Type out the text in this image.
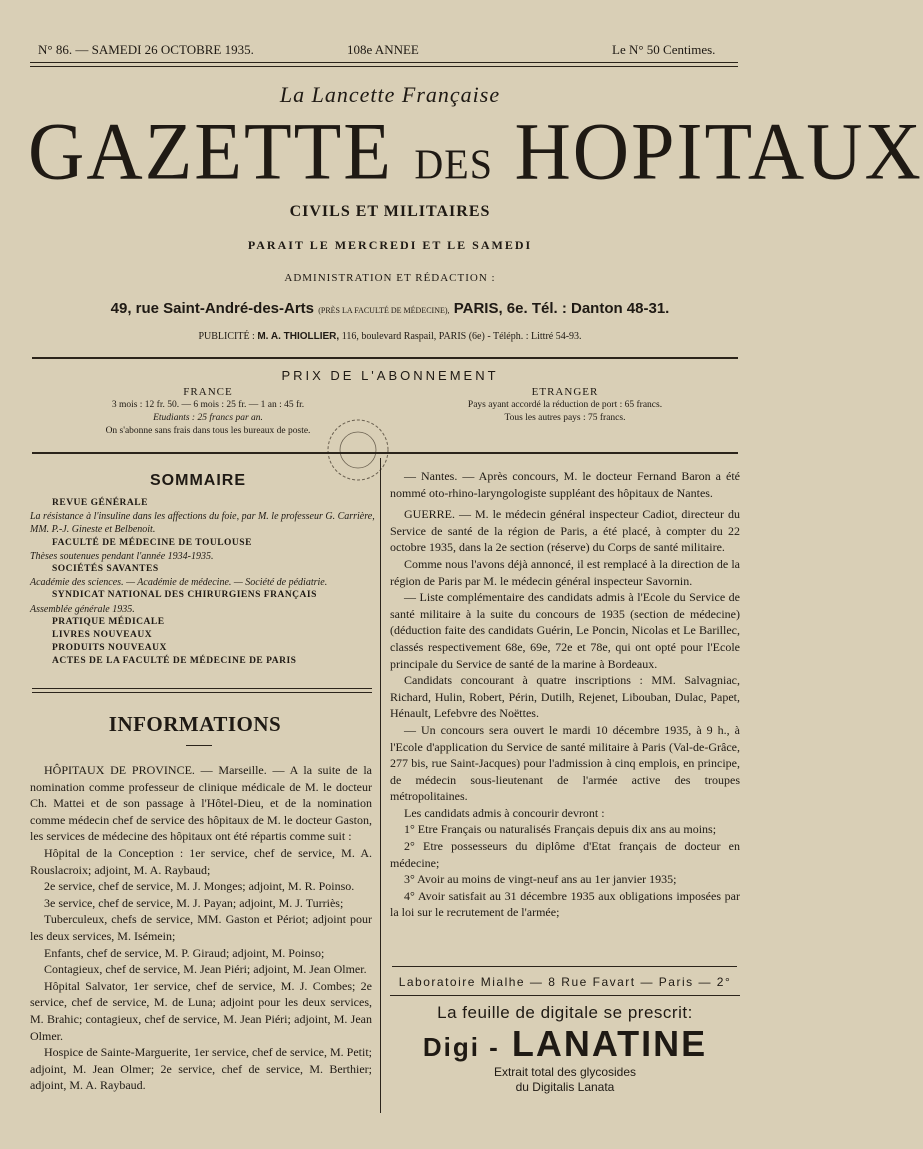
N° 86. — SAMEDI 26 OCTOBRE 1935.	108e ANNEE	Le N° 50 Centimes.
La Lancette Française
GAZETTE DES HOPITAUX
CIVILS ET MILITAIRES
PARAIT LE MERCREDI ET LE SAMEDI
ADMINISTRATION ET RÉDACTION :
49, rue Saint-André-des-Arts (PRÈS LA FACULTÉ DE MÉDECINE), PARIS, 6e. Tél. : Danton 48-31.
PUBLICITÉ : M. A. THIOLLIER, 116, boulevard Raspail, PARIS (6e) - Téléph. : Littré 54-93.
PRIX DE L'ABONNEMENT
FRANCE
3 mois : 12 fr. 50. — 6 mois : 25 fr. — 1 an : 45 fr.
Etudiants : 25 francs par an.
On s'abonne sans frais dans tous les bureaux de poste.
ETRANGER
Pays ayant accordé la réduction de port : 65 francs.
Tous les autres pays : 75 francs.
SOMMAIRE
REVUE GÉNÉRALE
La résistance à l'insuline dans les affections du foie, par M. le professeur G. Carrière, MM. P.-J. Gineste et Belbenoit.
FACULTÉ DE MÉDECINE DE TOULOUSE
Thèses soutenues pendant l'année 1934-1935.
SOCIÉTÉS SAVANTES
Académie des sciences. — Académie de médecine. — Société de pédiatrie.
SYNDICAT NATIONAL DES CHIRURGIENS FRANÇAIS
Assemblée générale 1935.
PRATIQUE MÉDICALE
LIVRES NOUVEAUX
PRODUITS NOUVEAUX
ACTES DE LA FACULTÉ DE MÉDECINE DE PARIS
INFORMATIONS

HÔPITAUX DE PROVINCE. — Marseille. — A la suite de la nomination comme professeur de clinique médicale de M. le docteur Ch. Mattei et de son passage à l'Hôtel-Dieu, et de la nomination comme médecin chef de service des hôpitaux de M. le docteur Gaston, les services de médecine des hôpitaux ont été répartis comme suit :

Hôpital de la Conception : 1er service, chef de service, M. A. Rouslacroix; adjoint, M. A. Raybaud;

2e service, chef de service, M. J. Monges; adjoint, M. R. Poinso.

3e service, chef de service, M. J. Payan; adjoint, M. J. Turriès;

Tuberculeux, chefs de service, MM. Gaston et Périot; adjoint pour les deux services, M. Isémein;

Enfants, chef de service, M. P. Giraud; adjoint, M. Poinso;

Contagieux, chef de service, M. Jean Piéri; adjoint, M. Jean Olmer.

Hôpital Salvator, 1er service, chef de service, M. J. Combes; 2e service, chef de service, M. de Luna; adjoint pour les deux services, M. Brahic; contagieux, chef de service, M. Jean Piéri; adjoint, M. Jean Olmer.

Hospice de Sainte-Marguerite, 1er service, chef de service, M. Petit; adjoint, M. Jean Olmer; 2e service, chef de service, M. Berthier; adjoint, M. A. Raybaud.

— Nantes. — Après concours, M. le docteur Fernand Baron a été nommé oto-rhino-laryngologiste suppléant des hôpitaux de Nantes.

GUERRE. — M. le médecin général inspecteur Cadiot, directeur du Service de santé de la région de Paris, a été placé, à compter du 22 octobre 1935, dans la 2e section (réserve) du Corps de santé militaire.

Comme nous l'avons déjà annoncé, il est remplacé à la direction de la région de Paris par M. le médecin général inspecteur Savornin.

— Liste complémentaire des candidats admis à l'Ecole du Service de santé militaire à la suite du concours de 1935 (section de médecine) (déduction faite des candidats Guérin, Le Poncin, Nicolas et Le Barillec, classés respectivement 68e, 69e, 72e et 78e, qui ont opté pour l'Ecole principale du Service de santé de la marine à Bordeaux.

Candidats concourant à quatre inscriptions : MM. Salvagniac, Richard, Hulin, Robert, Périn, Dutilh, Rejenet, Libouban, Dulac, Papet, Hénault, Lefebvre des Noëttes.

— Un concours sera ouvert le mardi 10 décembre 1935, à 9 h., à l'Ecole d'application du Service de santé militaire à Paris (Val-de-Grâce, 277 bis, rue Saint-Jacques) pour l'admission à cinq emplois, en principe, de médecin sous-lieutenant de l'armée active des troupes métropolitaines.

Les candidats admis à concourir devront :

1° Etre Français ou naturalisés Français depuis dix ans au moins;

2° Etre possesseurs du diplôme d'Etat français de docteur en médecine;

3° Avoir au moins de vingt-neuf ans au 1er janvier 1935;

4° Avoir satisfait au 31 décembre 1935 aux obligations imposées par la loi sur le recrutement de l'armée;

Laboratoire Mialhe — 8 Rue Favart — Paris — 2°
La feuille de digitale se prescrit:
Digi - LANATINE
Extrait total des glycosides
du Digitalis Lanata
